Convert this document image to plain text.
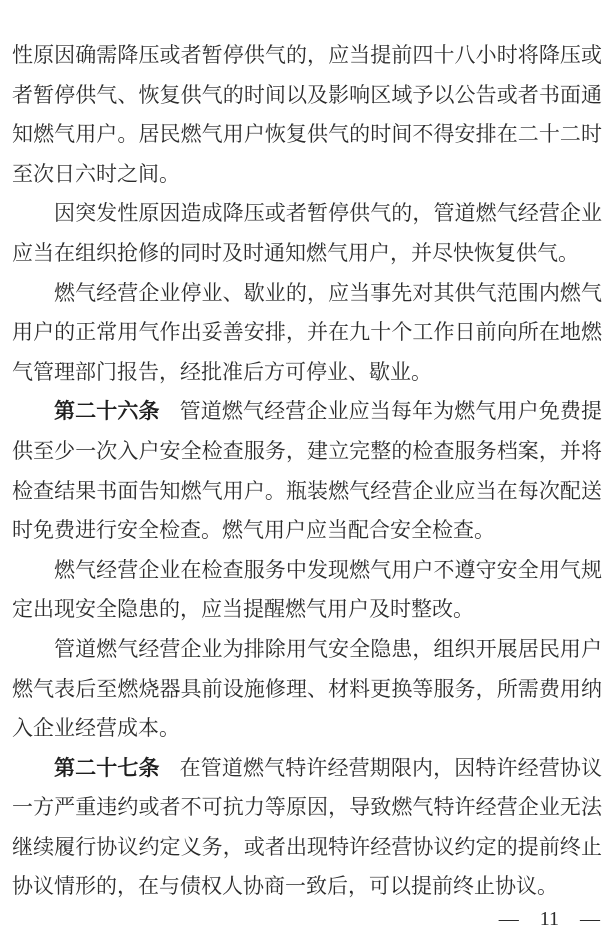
性原因确需降压或者暂停供气的，应当提前四十八小时将降压或者暂停供气、恢复供气的时间以及影响区域予以公告或者书面通知燃气用户。居民燃气用户恢复供气的时间不得安排在二十二时至次日六时之间。

因突发性原因造成降压或者暂停供气的，管道燃气经营企业应当在组织抢修的同时及时通知燃气用户，并尽快恢复供气。

燃气经营企业停业、歇业的，应当事先对其供气范围内燃气用户的正常用气作出妥善安排，并在九十个工作日前向所在地燃气管理部门报告，经批准后方可停业、歇业。

第二十六条 管道燃气经营企业应当每年为燃气用户免费提供至少一次入户安全检查服务，建立完整的检查服务档案，并将检查结果书面告知燃气用户。瓶装燃气经营企业应当在每次配送时免费进行安全检查。燃气用户应当配合安全检查。

燃气经营企业在检查服务中发现燃气用户不遵守安全用气规定出现安全隐患的，应当提醒燃气用户及时整改。

管道燃气经营企业为排除用气安全隐患，组织开展居民用户燃气表后至燃烧器具前设施修理、材料更换等服务，所需费用纳入企业经营成本。

第二十七条 在管道燃气特许经营期限内，因特许经营协议一方严重违约或者不可抗力等原因，导致燃气特许经营企业无法继续履行协议约定义务，或者出现特许经营协议约定的提前终止协议情形的，在与债权人协商一致后，可以提前终止协议。

— 11 —
